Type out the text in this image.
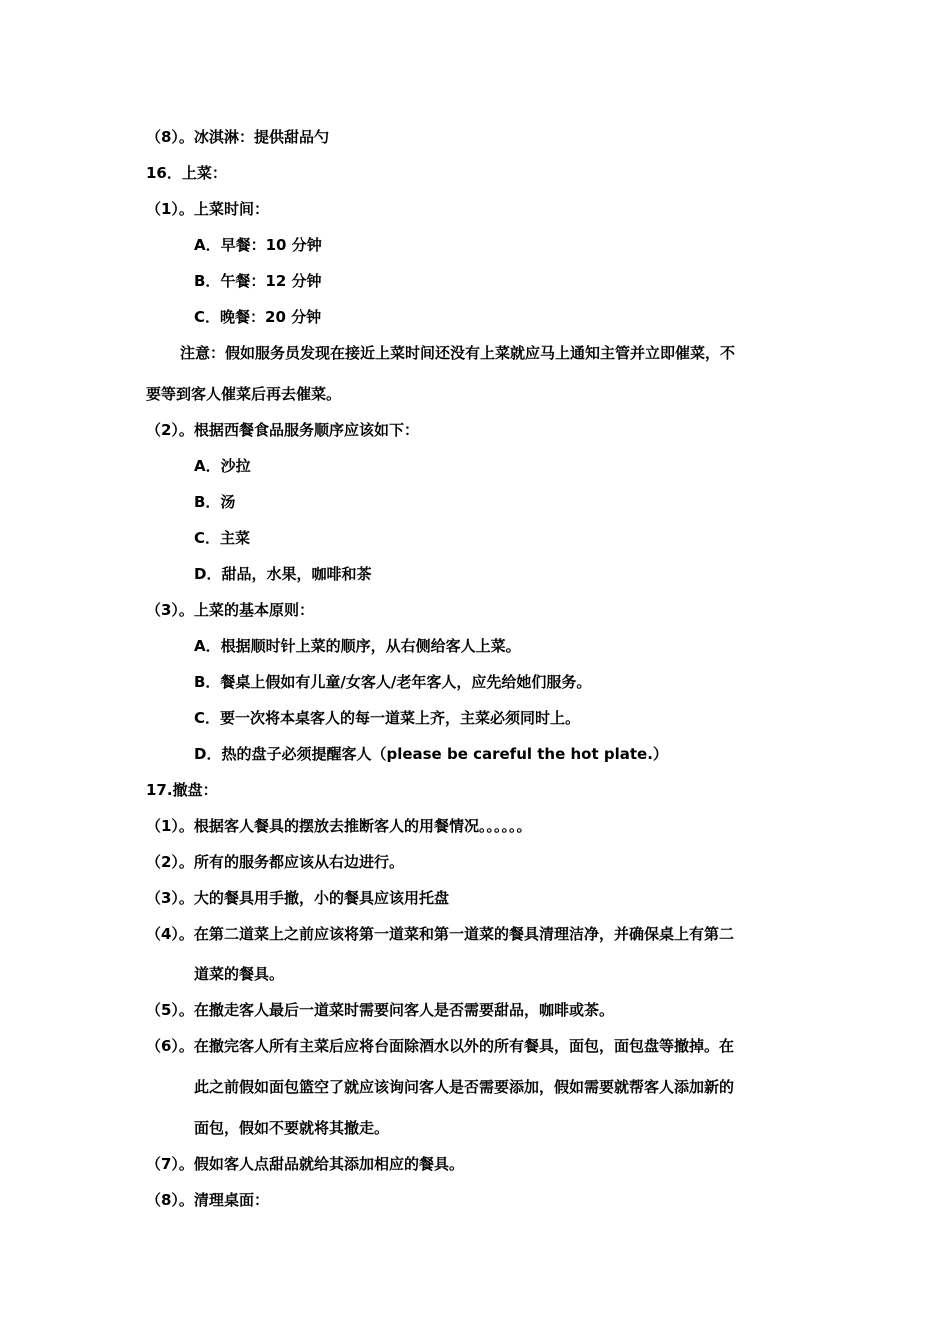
（8）。冰淇淋：提供甜品勺
16．上菜：
（1）。上菜时间：
A．早餐：10 分钟
B．午餐：12 分钟
C．晚餐：20 分钟
注意：假如服务员发现在接近上菜时间还没有上菜就应马上通知主管并立即催菜，不
要等到客人催菜后再去催菜。
（2）。根据西餐食品服务顺序应该如下：
A．沙拉
B．汤
C．主菜
D．甜品，水果，咖啡和茶
（3）。上菜的基本原则：
A．根据顺时针上菜的顺序，从右侧给客人上菜。
B．餐桌上假如有儿童/女客人/老年客人，应先给她们服务。
C．要一次将本桌客人的每一道菜上齐，主菜必须同时上。
D．热的盘子必须提醒客人（please be careful the hot plate.）
17.撤盘：
（1）。根据客人餐具的摆放去推断客人的用餐情况。。。。。。
（2）。所有的服务都应该从右边进行。
（3）。大的餐具用手撤，小的餐具应该用托盘
（4）。在第二道菜上之前应该将第一道菜和第一道菜的餐具清理洁净，并确保桌上有第二
道菜的餐具。
（5）。在撤走客人最后一道菜时需要问客人是否需要甜品，咖啡或茶。
（6）。在撤完客人所有主菜后应将台面除酒水以外的所有餐具，面包，面包盘等撤掉。在
此之前假如面包篮空了就应该询问客人是否需要添加，假如需要就帮客人添加新的
面包，假如不要就将其撤走。
（7）。假如客人点甜品就给其添加相应的餐具。
（8）。清理桌面：
